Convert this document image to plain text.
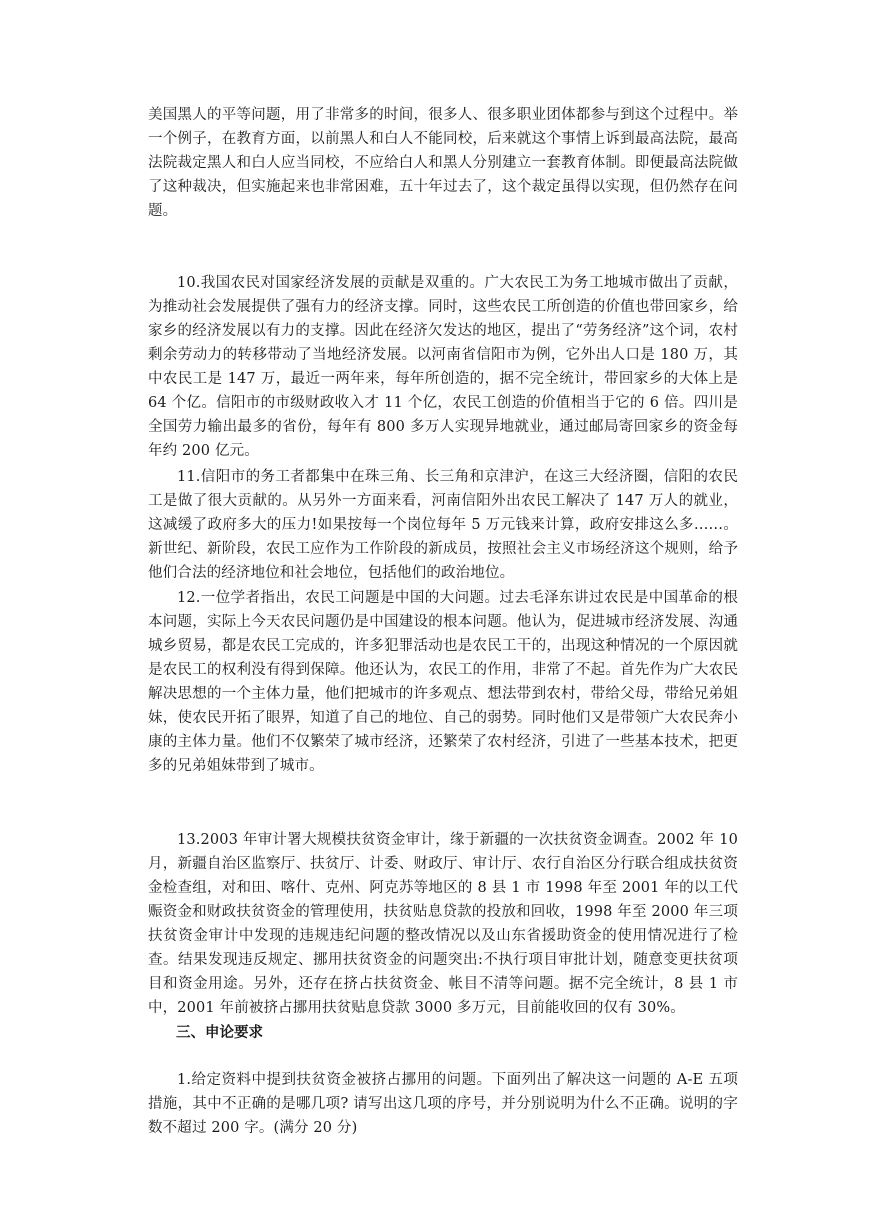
美国黑人的平等问题，用了非常多的时间，很多人、很多职业团体都参与到这个过程中。举一个例子，在教育方面，以前黑人和白人不能同校，后来就这个事情上诉到最高法院，最高法院裁定黑人和白人应当同校，不应给白人和黑人分别建立一套教育体制。即便最高法院做了这种裁决，但实施起来也非常困难，五十年过去了，这个裁定虽得以实现，但仍然存在问题。

10.我国农民对国家经济发展的贡献是双重的。广大农民工为务工地城市做出了贡献，为推动社会发展提供了强有力的经济支撑。同时，这些农民工所创造的价值也带回家乡，给家乡的经济发展以有力的支撑。因此在经济欠发达的地区，提出了“劳务经济”这个词，农村剩余劳动力的转移带动了当地经济发展。以河南省信阳市为例，它外出人口是 180 万，其中农民工是 147 万，最近一两年来，每年所创造的，据不完全统计，带回家乡的大体上是 64 个亿。信阳市的市级财政收入才 11 个亿，农民工创造的价值相当于它的 6 倍。四川是全国劳力输出最多的省份，每年有 800 多万人实现异地就业，通过邮局寄回家乡的资金每年约 200 亿元。

11.信阳市的务工者都集中在珠三角、长三角和京津沪，在这三大经济圈，信阳的农民工是做了很大贡献的。从另外一方面来看，河南信阳外出农民工解决了 147 万人的就业，这减缓了政府多大的压力!如果按每一个岗位每年 5 万元钱来计算，政府安排这么多……。新世纪、新阶段，农民工应作为工作阶段的新成员，按照社会主义市场经济这个规则，给予他们合法的经济地位和社会地位，包括他们的政治地位。

12.一位学者指出，农民工问题是中国的大问题。过去毛泽东讲过农民是中国革命的根本问题，实际上今天农民问题仍是中国建设的根本问题。他认为，促进城市经济发展、沟通城乡贸易，都是农民工完成的，许多犯罪活动也是农民工干的，出现这种情况的一个原因就是农民工的权利没有得到保障。他还认为，农民工的作用，非常了不起。首先作为广大农民解决思想的一个主体力量，他们把城市的许多观点、想法带到农村，带给父母，带给兄弟姐妹，使农民开拓了眼界，知道了自己的地位、自己的弱势。同时他们又是带领广大农民奔小康的主体力量。他们不仅繁荣了城市经济，还繁荣了农村经济，引进了一些基本技术，把更多的兄弟姐妹带到了城市。

13.2003 年审计署大规模扶贫资金审计，缘于新疆的一次扶贫资金调查。2002 年 10 月，新疆自治区监察厅、扶贫厅、计委、财政厅、审计厅、农行自治区分行联合组成扶贫资金检查组，对和田、喀什、克州、阿克苏等地区的 8 县 1 市 1998 年至 2001 年的以工代赈资金和财政扶贫资金的管理使用，扶贫贴息贷款的投放和回收，1998 年至 2000 年三项扶贫资金审计中发现的违规违纪问题的整改情况以及山东省援助资金的使用情况进行了检查。结果发现违反规定、挪用扶贫资金的问题突出:不执行项目审批计划，随意变更扶贫项目和资金用途。另外，还存在挤占扶贫资金、帐目不清等问题。据不完全统计，8 县 1 市中，2001 年前被挤占挪用扶贫贴息贷款 3000 多万元，目前能收回的仅有 30%。

三、申论要求

1.给定资料中提到扶贫资金被挤占挪用的问题。下面列出了解决这一问题的 A-E 五项措施，其中不正确的是哪几项? 请写出这几项的序号，并分别说明为什么不正确。说明的字数不超过 200 字。(满分 20 分)
